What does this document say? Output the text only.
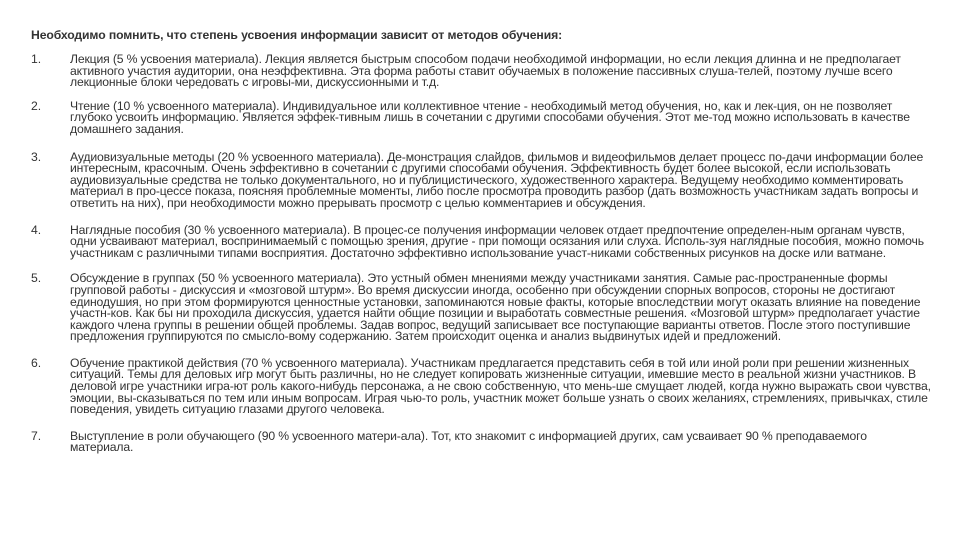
Необходимо помнить, что степень усвоения информации зависит от методов обучения:
1.	Лекция (5 % усвоения материала). Лекция является быстрым способом подачи необходимой информации, но если лекция длинна и не предполагает активного участия аудитории, она неэффективна. Эта форма работы ставит обучаемых в положение пассивных слуша-телей, поэтому лучше всего лекционные блоки чередовать с игровы-ми, дискуссионными и т.д.
2.	Чтение (10 % усвоенного материала). Индивидуальное или коллективное чтение - необходимый метод обучения, но, как и лек-ция, он не позволяет глубоко усвоить информацию. Является эффек-тивным лишь в сочетании с другими способами обучения. Этот ме-тод можно использовать в качестве домашнего задания.
3.	Аудиовизуальные методы (20 % усвоенного материала). Де-монстрация слайдов, фильмов и видеофильмов делает процесс по-дачи информации более интересным, красочным. Очень эффективно в сочетании с другими способами обучения. Эффективность будет более высокой, если использовать аудиовизуальные средства не только документального, но и публицистического, художественного характера. Ведущему необходимо комментировать материал в про-цессе показа, поясняя проблемные моменты, либо после просмотра проводить разбор (дать возможность участникам задать вопросы и ответить на них), при необходимости можно прерывать просмотр с целью комментариев и обсуждения.
4.	Наглядные пособия (30 % усвоенного материала). В процес-се получения информации человек отдает предпочтение определен-ным органам чувств, одни усваивают материал, воспринимаемый с помощью зрения, другие - при помощи осязания или слуха. Исполь-зуя наглядные пособия, можно помочь участникам с различными типами восприятия. Достаточно эффективно использование участ-никами собственных рисунков на доске или ватмане.
5.	Обсуждение в группах (50 % усвоенного материала). Это устный обмен мнениями между участниками занятия. Самые рас-пространенные формы групповой работы - дискуссия и «мозговой штурм». Во время дискуссии иногда, особенно при обсуждении спорных вопросов, стороны не достигают единодушия, но при этом формируются ценностные установки, запоминаются новые факты, которые впоследствии могут оказать влияние на поведение участн-ков. Как бы ни проходила дискуссия, удается найти общие позиции и выработать совместные решения. «Мозговой штурм» предполагает участие каждого члена группы в решении общей проблемы. Задав вопрос, ведущий записывает все поступающие варианты ответов. После этого поступившие предложения группируются по смысло-вому содержанию. Затем происходит оценка и анализ выдвинутых идей и предложений.
6.	Обучение практикой действия (70 % усвоенного материала). Участникам предлагается представить себя в той или иной роли при решении жизненных ситуаций. Темы для деловых игр могут быть различны, но не следует копировать жизненные ситуации, имевшие место в реальной жизни участников. В деловой игре участники игра-ют роль какого-нибудь персонажа, а не свою собственную, что мень-ше смущает людей, когда нужно выражать свои чувства, эмоции, вы-сказываться по тем или иным вопросам. Играя чью-то роль, участник может больше узнать о своих желаниях, стремлениях, привычках, стиле поведения, увидеть ситуацию глазами другого человека.
7.	Выступление в роли обучающего (90 % усвоенного матери-ала). Тот, кто знакомит с информацией других, сам усваивает 90 % преподаваемого материала.
